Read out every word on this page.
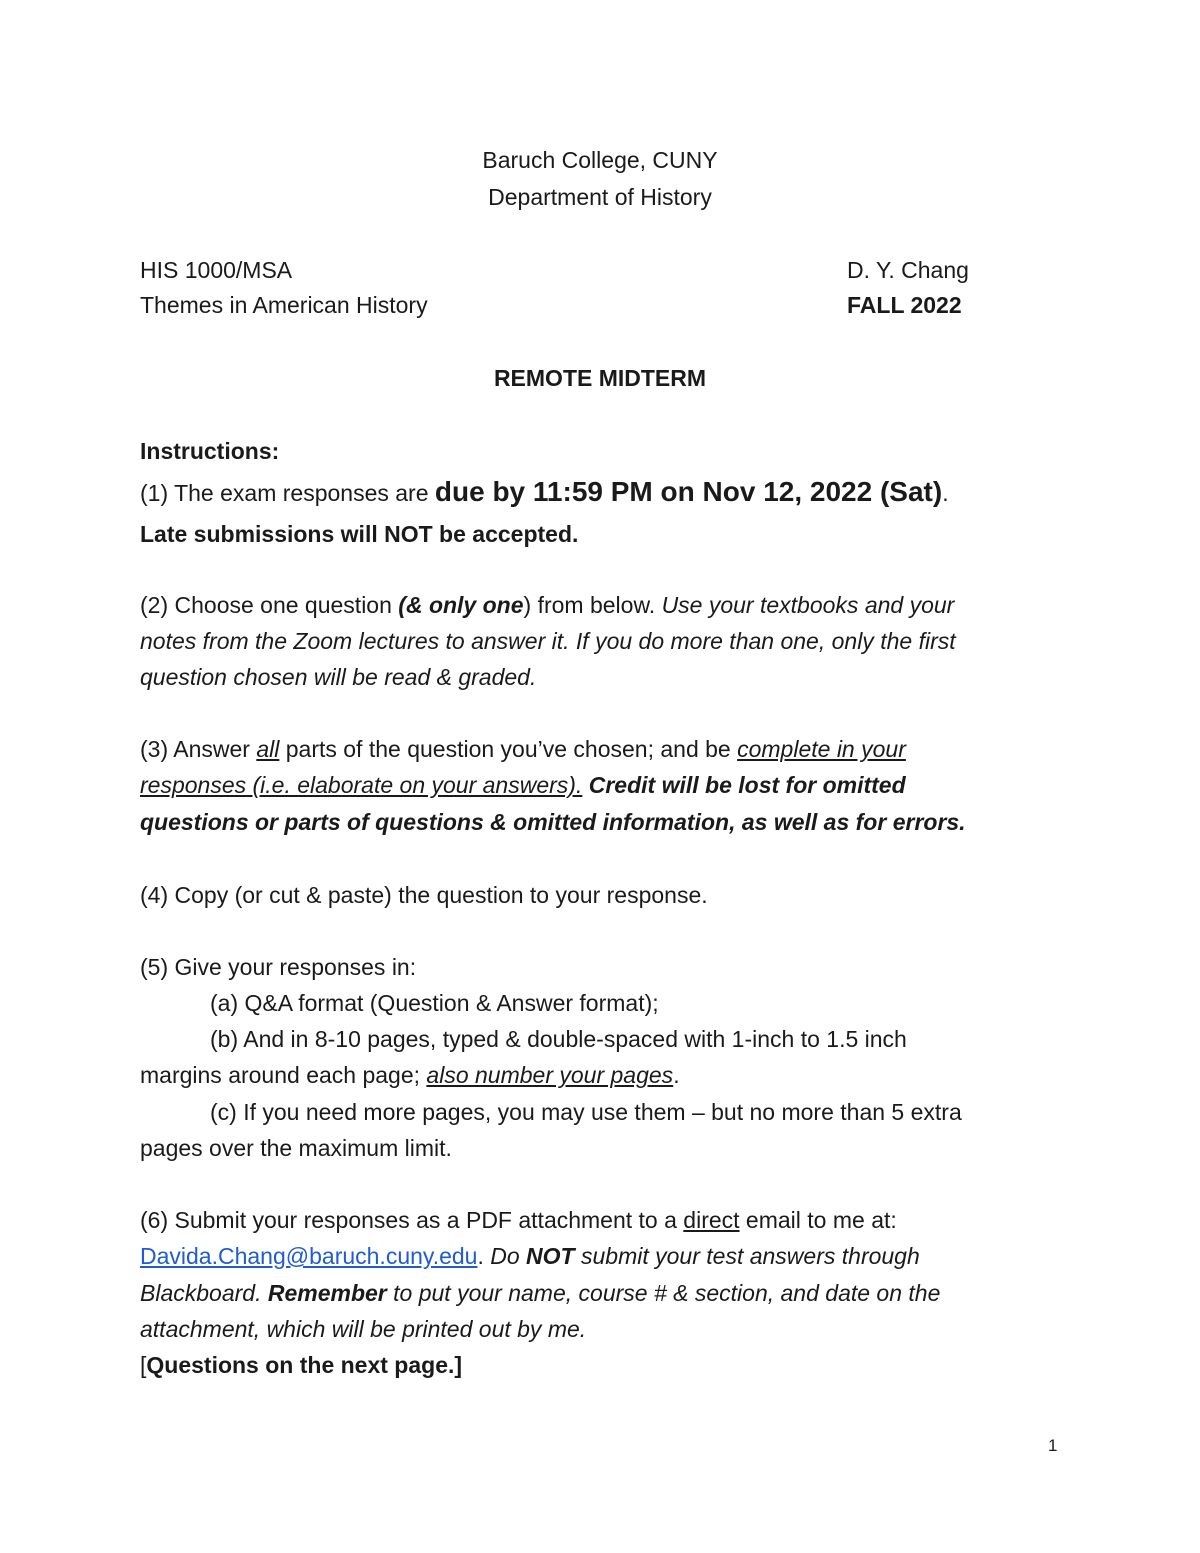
Baruch College, CUNY
Department of History
HIS 1000/MSA	D. Y. Chang
Themes in American History	FALL 2022
REMOTE MIDTERM
Instructions:
(1) The exam responses are due by 11:59 PM on Nov 12, 2022 (Sat).
Late submissions will NOT be accepted.
(2) Choose one question (& only one) from below. Use your textbooks and your
notes from the Zoom lectures to answer it. If you do more than one, only the first
question chosen will be read & graded.
(3) Answer all parts of the question you’ve chosen; and be complete in your
responses (i.e. elaborate on your answers). Credit will be lost for omitted
questions or parts of questions & omitted information, as well as for errors.
(4) Copy (or cut & paste) the question to your response.
(5) Give your responses in:
(a) Q&A format (Question & Answer format);
(b) And in 8-10 pages, typed & double-spaced with 1-inch to 1.5 inch
margins around each page; also number your pages.
(c) If you need more pages, you may use them – but no more than 5 extra
pages over the maximum limit.
(6) Submit your responses as a PDF attachment to a direct email to me at:
Davida.Chang@baruch.cuny.edu. Do NOT submit your test answers through
Blackboard. Remember to put your name, course # & section, and date on the
attachment, which will be printed out by me.
[Questions on the next page.]
1
